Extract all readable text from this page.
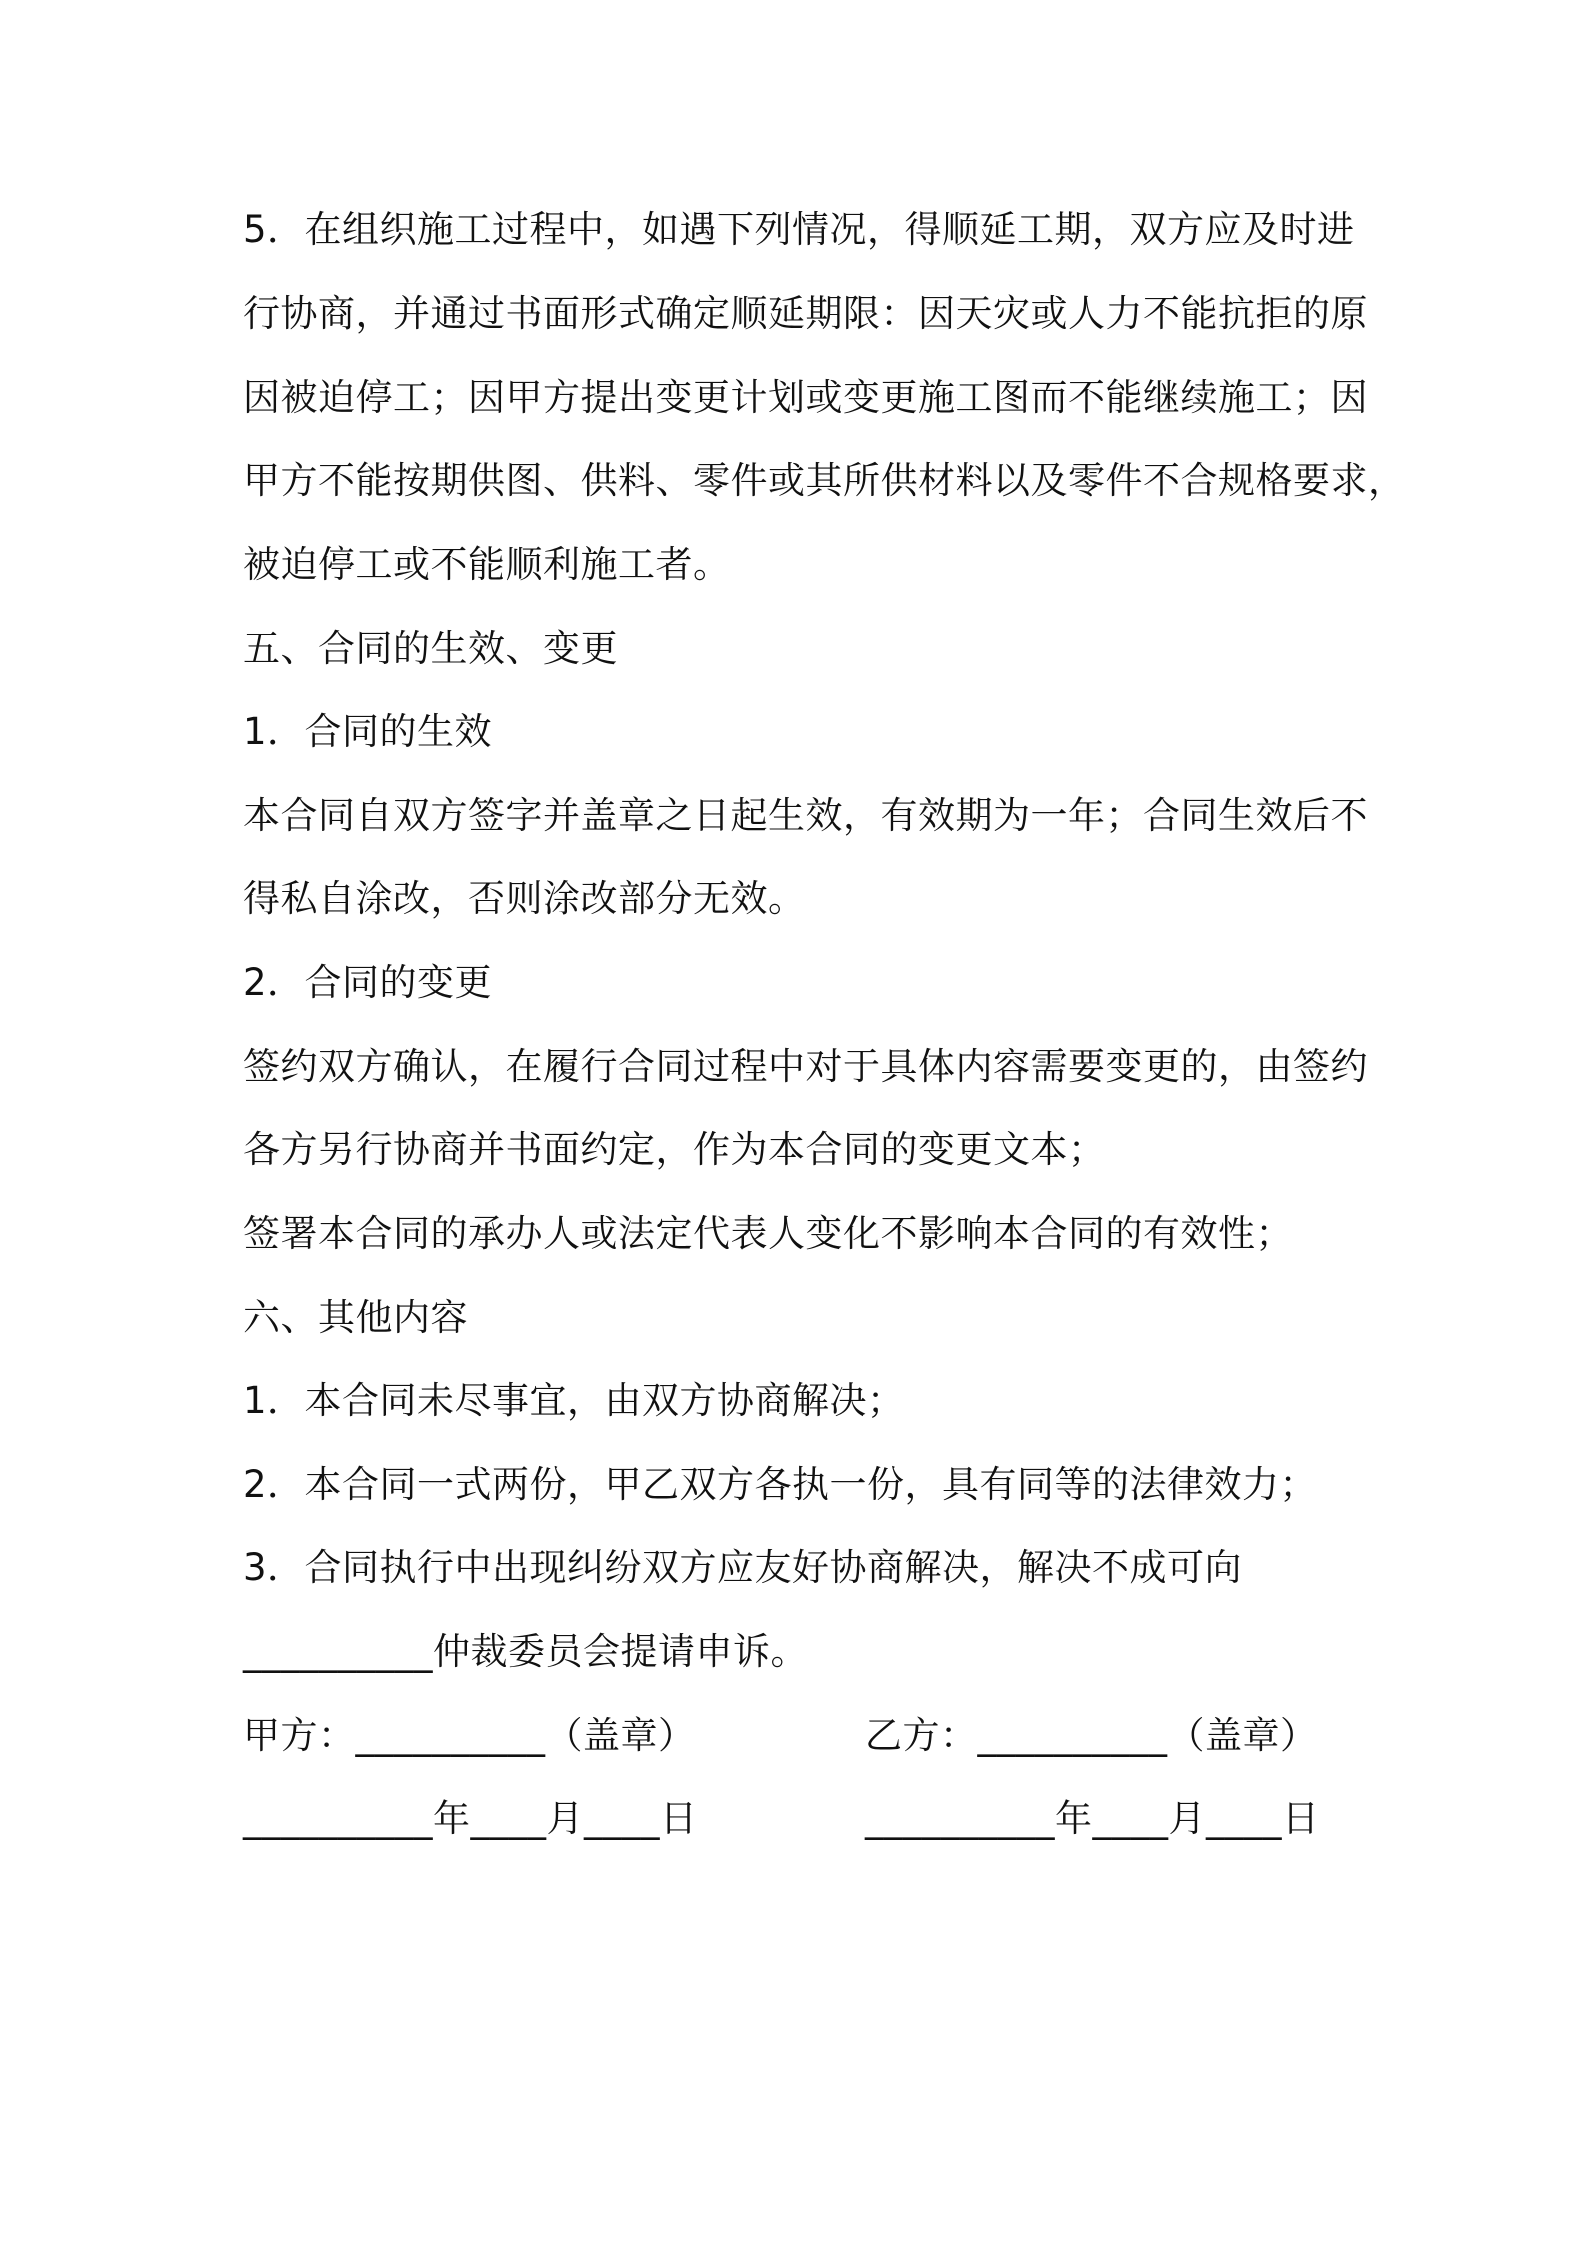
5．在组织施工过程中，如遇下列情况，得顺延工期，双方应及时进
行协商，并通过书面形式确定顺延期限：因天灾或人力不能抗拒的原
因被迫停工；因甲方提出变更计划或变更施工图而不能继续施工；因
甲方不能按期供图、供料、零件或其所供材料以及零件不合规格要求，
被迫停工或不能顺利施工者。
五、合同的生效、变更
1．合同的生效
本合同自双方签字并盖章之日起生效，有效期为一年；合同生效后不
得私自涂改，否则涂改部分无效。
2．合同的变更
签约双方确认，在履行合同过程中对于具体内容需要变更的，由签约
各方另行协商并书面约定，作为本合同的变更文本；
签署本合同的承办人或法定代表人变化不影响本合同的有效性；
六、其他内容
1．本合同未尽事宜，由双方协商解决；
2．本合同一式两份，甲乙双方各执一份，具有同等的法律效力；
3．合同执行中出现纠纷双方应友好协商解决，解决不成可向
__________仲裁委员会提请申诉。
甲方：__________（盖章）	乙方：__________（盖章）
__________年____月____日	__________年____月____日
